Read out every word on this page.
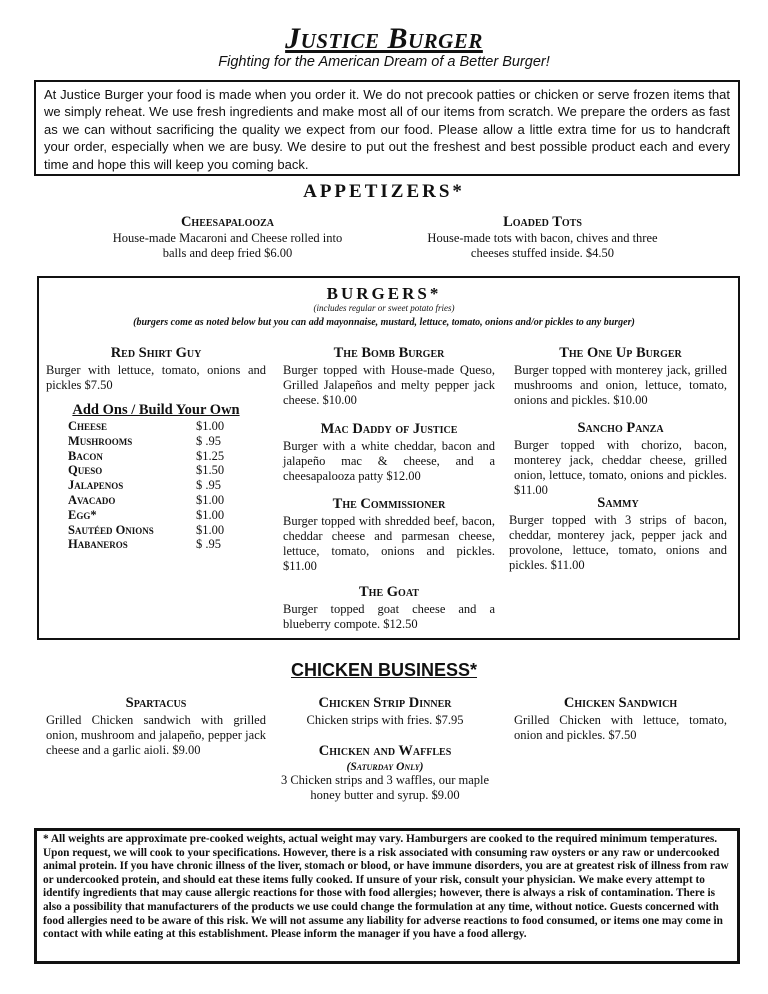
Justice Burger
Fighting for the American Dream of a Better Burger!

At Justice Burger your food is made when you order it. We do not precook patties or chicken or serve frozen items that we simply reheat. We use fresh ingredients and make most all of our items from scratch. We prepare the orders as fast as we can without sacrificing the quality we expect from our food. Please allow a little extra time for us to handcraft your order, especially when we are busy. We desire to put out the freshest and best possible product each and every time and hope this will keep you coming back.

APPETIZERS*
Cheesapalooza
House-made Macaroni and Cheese rolled into balls and deep fried $6.00
Loaded Tots
House-made tots with bacon, chives and three cheeses stuffed inside. $4.50
BURGERS*
(includes regular or sweet potato fries)
(burgers come as noted below but you can add mayonnaise, mustard, lettuce, tomato, onions and/or pickles to any burger)
Red Shirt Guy
Burger with lettuce, tomato, onions and pickles $7.50
The Bomb Burger
Burger topped with House-made Queso, Grilled Jalapeños and melty pepper jack cheese. $10.00
The One Up Burger
Burger topped with monterey jack, grilled mushrooms and onion, lettuce, tomato, onions and pickles. $10.00
Mac Daddy of Justice
Burger with a white cheddar, bacon and jalapeño mac & cheese, and a cheesapalooza patty $12.00
Sancho Panza
Burger topped with chorizo, bacon, monterey jack, cheddar cheese, grilled onion, lettuce, tomato, onions and pickles. $11.00
The Commissioner
Burger topped with shredded beef, bacon, cheddar cheese and parmesan cheese, lettuce, tomato, onions and pickles. $11.00
Sammy
Burger topped with 3 strips of bacon, cheddar, monterey jack, pepper jack and provolone, lettuce, tomato, onions and pickles. $11.00
The Goat
Burger topped goat cheese and a blueberry compote. $12.50
Add Ons / Build Your Own
Cheese	$1.00
Mushrooms	$ .95
Bacon	$1.25
Queso	$1.50
Jalapenos	$ .95
Avacado	$1.00
Egg*	$1.00
Sautéed Onions	$1.00
Habaneros	$ .95
CHICKEN BUSINESS*
Spartacus
Grilled Chicken sandwich with grilled onion, mushroom and jalapeño, pepper jack cheese and a garlic aioli. $9.00
Chicken Strip Dinner
Chicken strips with fries. $7.95
Chicken Sandwich
Grilled Chicken with lettuce, tomato, onion and pickles. $7.50
Chicken and Waffles
(Saturday Only)
3 Chicken strips and 3 waffles, our maple honey butter and syrup. $9.00

* All weights are approximate pre-cooked weights, actual weight may vary. Hamburgers are cooked to the required minimum temperatures. Upon request, we will cook to your specifications. However, there is a risk associated with consuming raw oysters or any raw or undercooked animal protein. If you have chronic illness of the liver, stomach or blood, or have immune disorders, you are at greatest risk of illness from raw or undercooked protein, and should eat these items fully cooked. If unsure of your risk, consult your physician. We make every attempt to identify ingredients that may cause allergic reactions for those with food allergies; however, there is always a risk of contamination. There is also a possibility that manufacturers of the products we use could change the formulation at any time, without notice. Guests concerned with food allergies need to be aware of this risk. We will not assume any liability for adverse reactions to food consumed, or items one may come in contact with while eating at this establishment. Please inform the manager if you have a food allergy.
